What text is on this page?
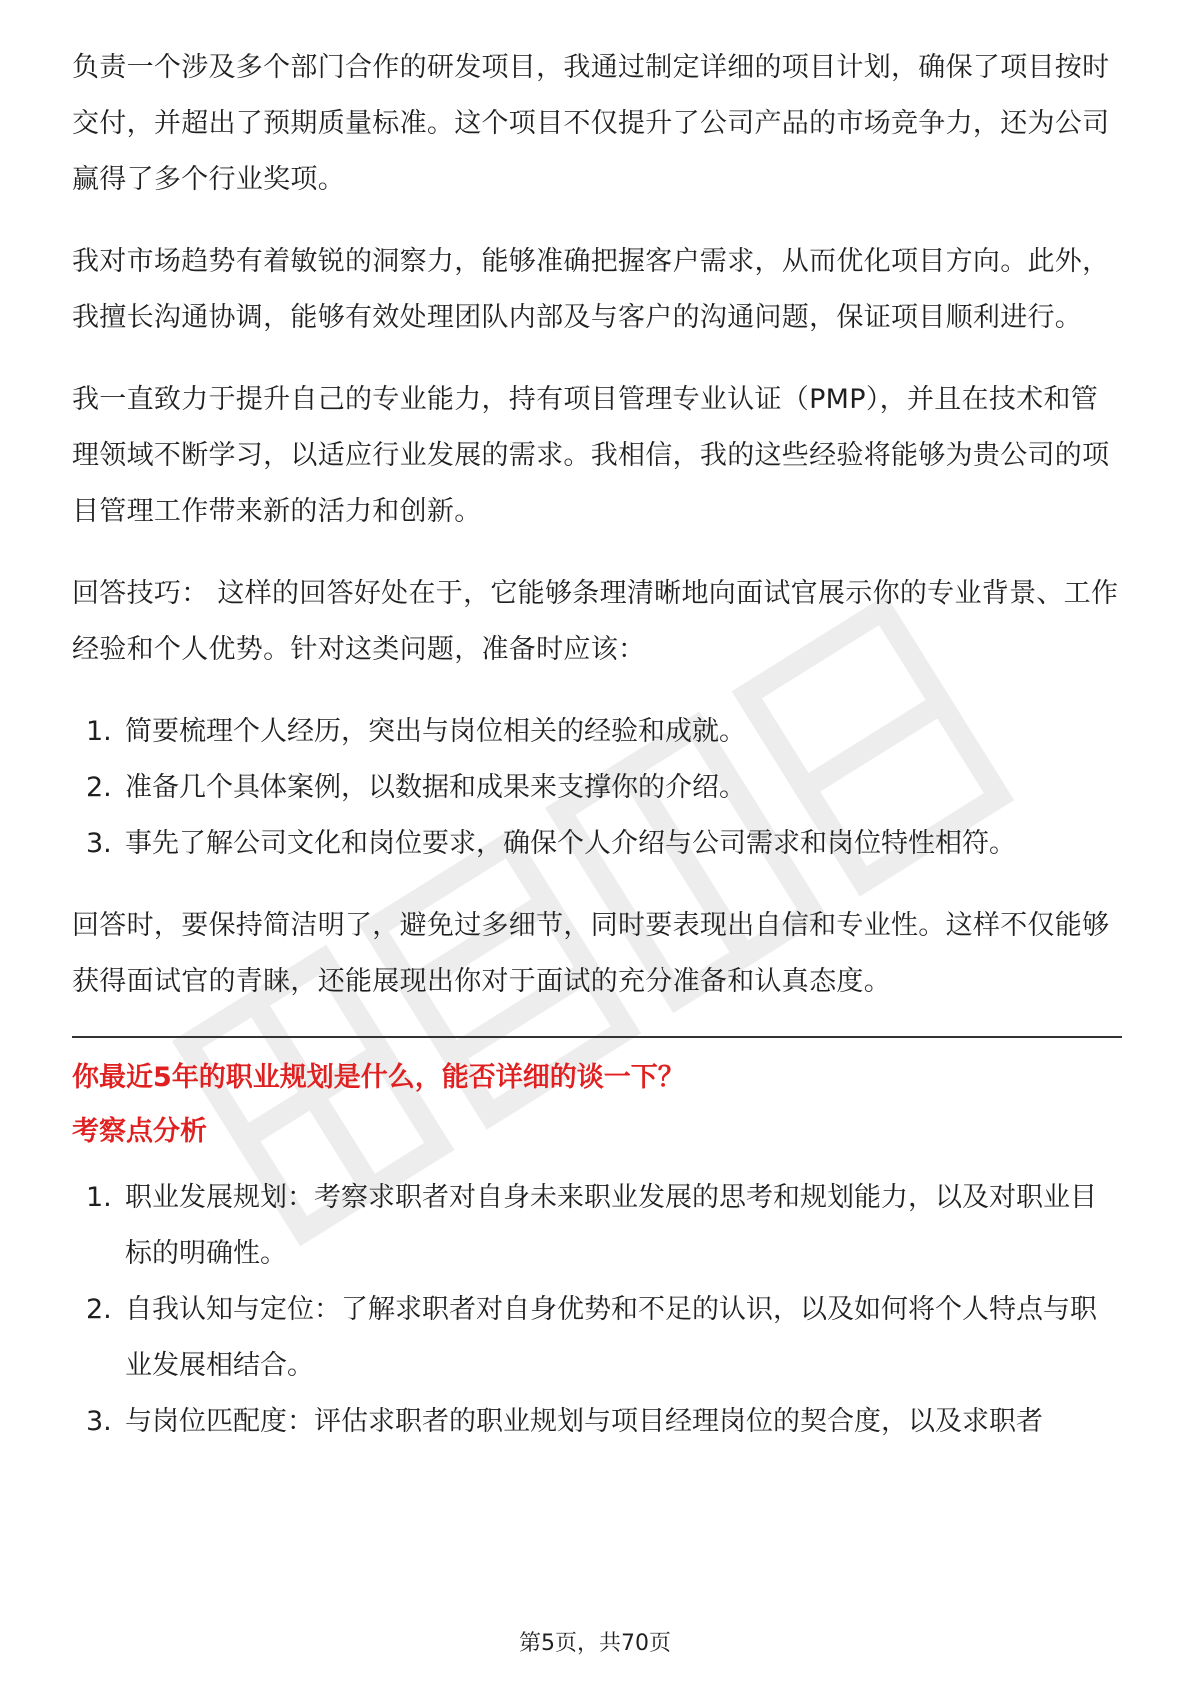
负责一个涉及多个部门合作的研发项目，我通过制定详细的项目计划，确保了项目按时交付，并超出了预期质量标准。这个项目不仅提升了公司产品的市场竞争力，还为公司赢得了多个行业奖项。

我对市场趋势有着敏锐的洞察力，能够准确把握客户需求，从而优化项目方向。此外，我擅长沟通协调，能够有效处理团队内部及与客户的沟通问题，保证项目顺利进行。

我一直致力于提升自己的专业能力，持有项目管理专业认证（PMP），并且在技术和管理领域不断学习，以适应行业发展的需求。我相信，我的这些经验将能够为贵公司的项目管理工作带来新的活力和创新。

回答技巧： 这样的回答好处在于，它能够条理清晰地向面试官展示你的专业背景、工作经验和个人优势。针对这类问题，准备时应该：

1. 简要梳理个人经历，突出与岗位相关的经验和成就。
2. 准备几个具体案例，以数据和成果来支撑你的介绍。
3. 事先了解公司文化和岗位要求，确保个人介绍与公司需求和岗位特性相符。

回答时，要保持简洁明了，避免过多细节，同时要表现出自信和专业性。这样不仅能够获得面试官的青睐，还能展现出你对于面试的充分准备和认真态度。

你最近5年的职业规划是什么，能否详细的谈一下？

考察点分析

1. 职业发展规划：考察求职者对自身未来职业发展的思考和规划能力，以及对职业目标的明确性。
2. 自我认知与定位：了解求职者对自身优势和不足的认识，以及如何将个人特点与职业发展相结合。
3. 与岗位匹配度：评估求职者的职业规划与项目经理岗位的契合度，以及求职者
第5页，共70页
